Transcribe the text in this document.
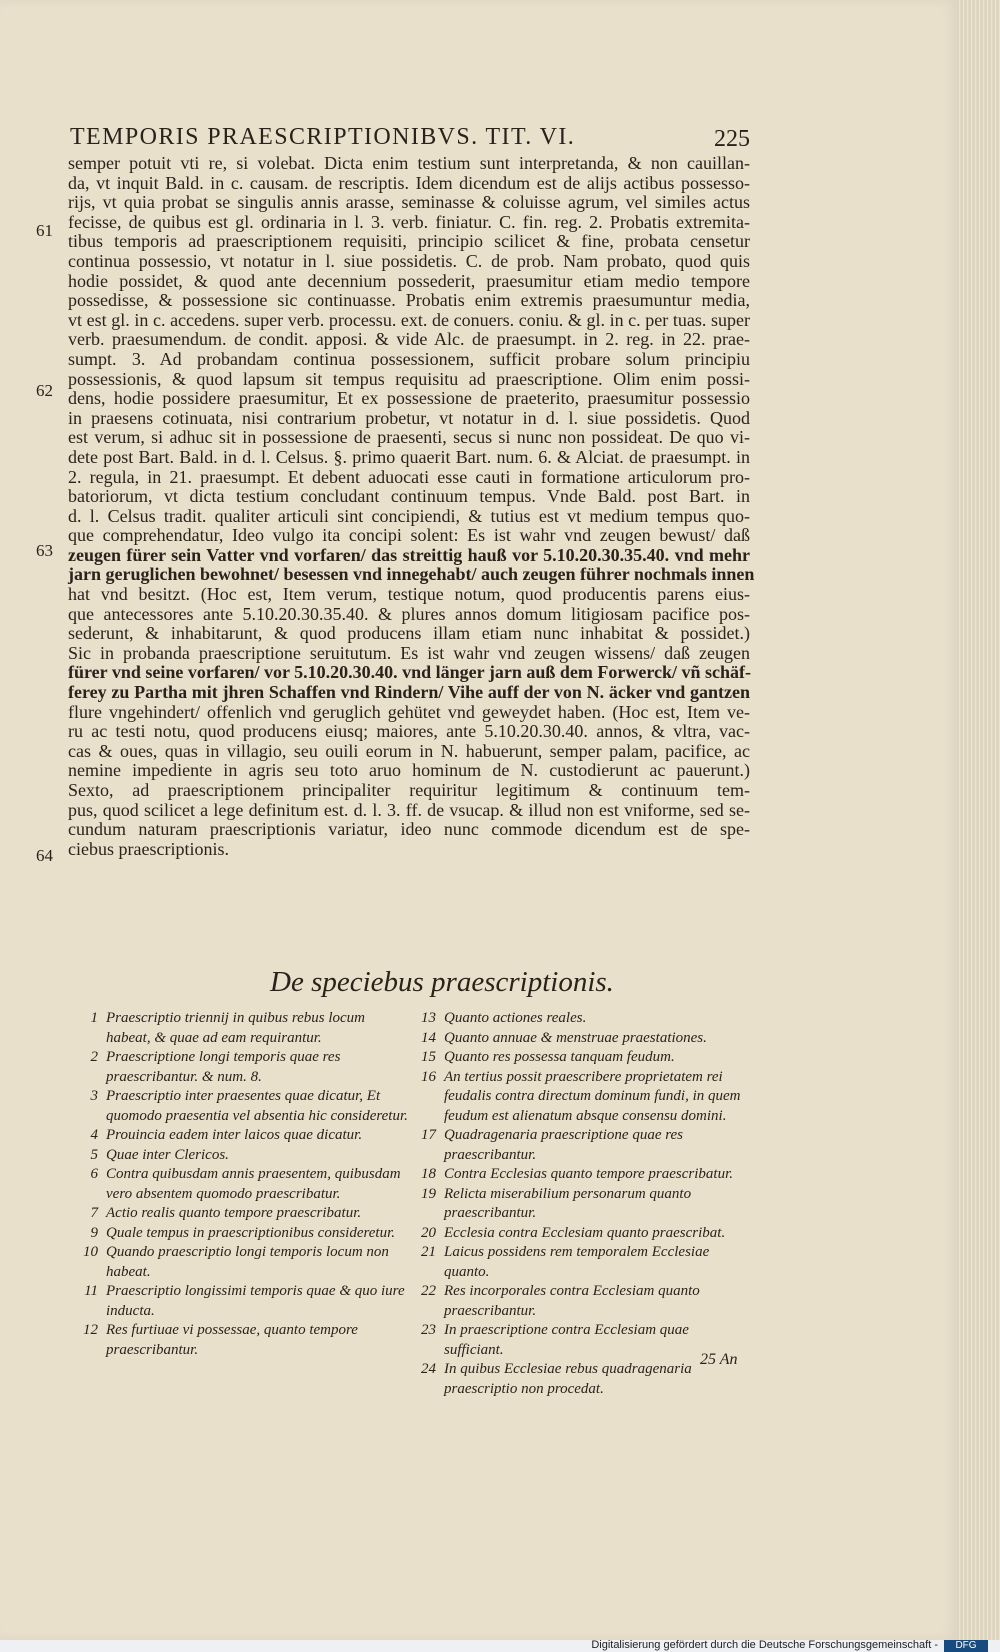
TEMPORIS PRAESCRIPTIONIBVS. TIT. VI.	225
61
62
63
64
semper potuit vti re, si volebat. Dicta enim testium sunt interpretanda, & non cauillan-
da, vt inquit Bald. in c. causam. de rescriptis. Idem dicendum est de alijs actibus possesso-
rijs, vt quia probat se singulis annis arasse, seminasse & coluisse agrum, vel similes actus
fecisse, de quibus est gl. ordinaria in l. 3. verb. finiatur. C. fin. reg. 2. Probatis extremita-
tibus temporis ad praescriptionem requisiti, principio scilicet & fine, probata censetur
continua possessio, vt notatur in l. siue possidetis. C. de prob. Nam probato, quod quis
hodie possidet, & quod ante decennium possederit, praesumitur etiam medio tempore
possedisse, & possessione sic continuasse. Probatis enim extremis praesumuntur media,
vt est gl. in c. accedens. super verb. processu. ext. de conuers. coniu. & gl. in c. per tuas. super
verb. praesumendum. de condit. apposi. & vide Alc. de praesumpt. in 2. reg. in 22. prae-
sumpt. 3. Ad probandam continua possessionem, sufficit probare solum principiu
possessionis, & quod lapsum sit tempus requisitu ad praescriptione. Olim enim possi-
dens, hodie possidere praesumitur, Et ex possessione de praeterito, praesumitur possessio
in praesens cotinuata, nisi contrarium probetur, vt notatur in d. l. siue possidetis. Quod
est verum, si adhuc sit in possessione de praesenti, secus si nunc non possideat. De quo vi-
dete post Bart. Bald. in d. l. Celsus. §. primo quaerit Bart. num. 6. & Alciat. de praesumpt. in
2. regula, in 21. praesumpt. Et debent aduocati esse cauti in formatione articulorum pro-
batoriorum, vt dicta testium concludant continuum tempus. Vnde Bald. post Bart. in
d. l. Celsus tradit. qualiter articuli sint concipiendi, & tutius est vt medium tempus quo-
que comprehendatur, Ideo vulgo ita concipi solent: Es ist wahr vnd zeugen bewust/ daß
zeugen fürer sein Vatter vnd vorfaren/ das streittig hauß vor 5.10.20.30.35.40. vnd mehr
jarn geruglichen bewohnet/ besessen vnd innegehabt/ auch zeugen führer nochmals innen
hat vnd besitzt. (Hoc est, Item verum, testique notum, quod producentis parens eius-
que antecessores ante 5.10.20.30.35.40. & plures annos domum litigiosam pacifice pos-
sederunt, & inhabitarunt, & quod producens illam etiam nunc inhabitat & possidet.)
Sic in probanda praescriptione seruitutum. Es ist wahr vnd zeugen wissens/ daß zeugen
fürer vnd seine vorfaren/ vor 5.10.20.30.40. vnd länger jarn auß dem Forwerck/ vñ schäf-
ferey zu Partha mit jhren Schaffen vnd Rindern/ Vihe auff der von N. äcker vnd gantzen
flure vngehindert/ offenlich vnd geruglich gehütet vnd geweydet haben. (Hoc est, Item ve-
ru ac testi notu, quod producens eiusq; maiores, ante 5.10.20.30.40. annos, & vltra, vac-
cas & oues, quas in villagio, seu ouili eorum in N. habuerunt, semper palam, pacifice, ac
nemine impediente in agris seu toto aruo hominum de N. custodierunt ac pauerunt.)
Sexto, ad praescriptionem principaliter requiritur legitimum & continuum tem-
pus, quod scilicet a lege definitum est. d. l. 3. ff. de vsucap. & illud non est vniforme, sed se-
cundum naturam praescriptionis variatur, ideo nunc commode dicendum est de spe-
ciebus praescriptionis.
De speciebus praescriptionis.
1 Praescriptio triennij in quibus rebus locum habeat, & quae ad eam requirantur.
2 Praescriptione longi temporis quae res praescribantur. & num. 8.
3 Praescriptio inter praesentes quae dicatur, Et quomodo praesentia vel absentia hic consideretur.
4 Prouincia eadem inter laicos quae dicatur.
5 Quae inter Clericos.
6 Contra quibusdam annis praesentem, quibusdam vero absentem quomodo praescribatur.
7 Actio realis quanto tempore praescribatur.
9 Quale tempus in praescriptionibus consideretur.
10 Quando praescriptio longi temporis locum non habeat.
11 Praescriptio longissimi temporis quae & quo iure inducta.
12 Res furtiuae vi possessae, quanto tempore praescribantur.
13 Quanto actiones reales.
14 Quanto annuae & menstruae praestationes.
15 Quanto res possessa tanquam feudum.
16 An tertius possit praescribere proprietatem rei feudalis contra directum dominum fundi, in quem feudum est alienatum absque consensu domini.
17 Quadragenaria praescriptione quae res praescribantur.
18 Contra Ecclesias quanto tempore praescribatur.
19 Relicta miserabilium personarum quanto praescribantur.
20 Ecclesia contra Ecclesiam quanto praescribat.
21 Laicus possidens rem temporalem Ecclesiae quanto.
22 Res incorporales contra Ecclesiam quanto praescribantur.
23 In praescriptione contra Ecclesiam quae sufficiant.
24 In quibus Ecclesiae rebus quadragenaria praescriptio non procedat.
25 An
Digitalisierung gefördert durch die Deutsche Forschungsgemeinschaft -	DFG
